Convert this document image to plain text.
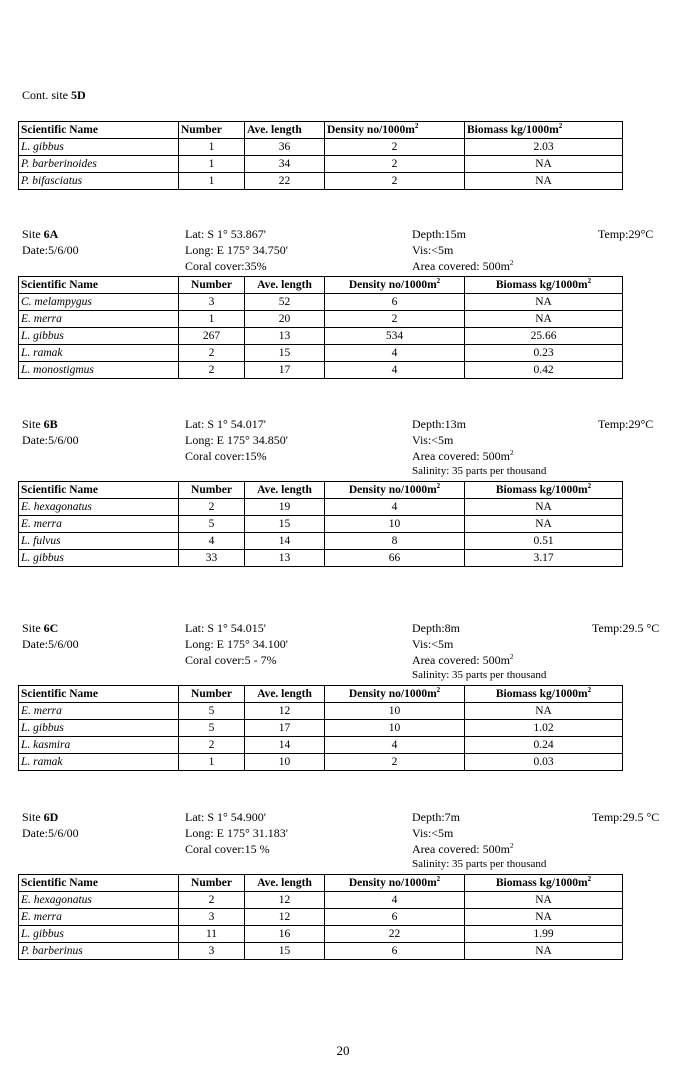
Cont. site 5D
Scientific Name	Number	Ave. length	Density $no/1000m^2$	Biomass $kg/1000m^2$
L. gibbus	1	36	2	2.03
P. barberinoides	1	34	2	NA
P. bifasciatus	1	22	2	NA
Site 6A
Date:5/6/00
Lat: S 1° 53.867'
Long: E 175° 34.750'
Coral cover:35%
Depth:15m
Vis:<5m
Area covered: $500m^2$
Temp:29°C
Scientific Name	Number	Ave. length	Density $no/1000m^2$	Biomass $kg/1000m^2$
C. melampygus	3	52	6	NA
E. merra	1	20	2	NA
L. gibbus	267	13	534	25.66
L. ramak	2	15	4	0.23
L. monostigmus	2	17	4	0.42
Site 6B
Date:5/6/00
Lat: S 1° 54.017'
Long: E 175° 34.850'
Coral cover:15%
Depth:13m
Vis:<5m
Area covered: $500m^2$
Salinity: 35 parts per thousand
Temp:29°C
Scientific Name	Number	Ave. length	Density $no/1000m^2$	Biomass $kg/1000m^2$
E. hexagonatus	2	19	4	NA
E. merra	5	15	10	NA
L. fulvus	4	14	8	0.51
L. gibbus	33	13	66	3.17
Site 6C
Date:5/6/00
Lat: S 1° 54.015'
Long: E 175° 34.100'
Coral cover:5 - 7%
Depth:8m
Vis:<5m
Area covered: $500m^2$
Salinity: 35 parts per thousand
Temp:29.5 °C
Scientific Name	Number	Ave. length	Density $no/1000m^2$	Biomass $kg/1000m^2$
E. merra	5	12	10	NA
L. gibbus	5	17	10	1.02
L. kasmira	2	14	4	0.24
L. ramak	1	10	2	0.03
Site 6D
Date:5/6/00
Lat: S 1° 54.900'
Long: E 175° 31.183'
Coral cover:15 %
Depth:7m
Vis:<5m
Area covered: $500m^2$
Salinity: 35 parts per thousand
Temp:29.5 °C
Scientific Name	Number	Ave. length	Density $no/1000m^2$	Biomass $kg/1000m^2$
E. hexagonatus	2	12	4	NA
E. merra	3	12	6	NA
L. gibbus	11	16	22	1.99
P. barberinus	3	15	6	NA
20
